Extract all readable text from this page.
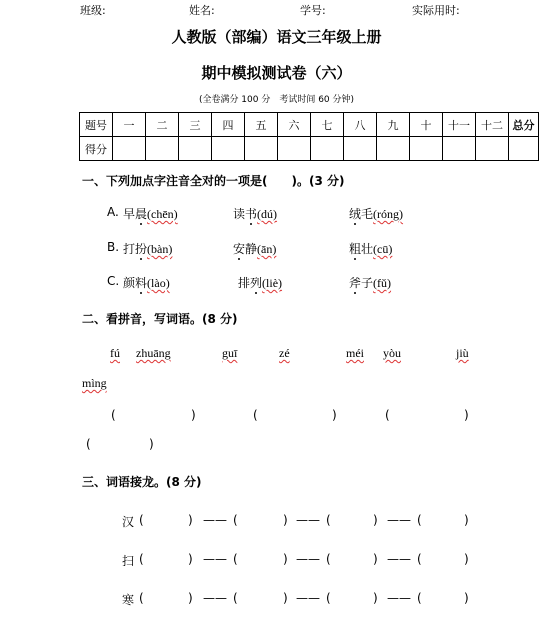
班级:	姓名:	学号:	实际用时:
人教版（部编）语文三年级上册
期中模拟测试卷（六）
(全卷满分 100 分　考试时间 60 分钟)
题号	一	二	三	四	五	六	七	八	九	十	十一	十二	总分
得分													
一、下列加点字注音全对的一项是(　　)。(3 分)
A. 早晨(chēn)	读书(dú)	绒毛(róng)
B. 打扮(bàn)	安静(ān)	粗壮(cū)
C. 颜料(lào)	排列(liè)	斧子(fǔ)
二、看拼音，写词语。(8 分)
fú zhuāng	guī	zé	méi yòu	jiù
mìng
(	)	(	)	(	)
(	)
三、词语接龙。(8 分)
汉 (	) —— (	) —— (	) —— (	)
扫 (	) —— (	) —— (	) —— (	)
寒 (	) —— (	) —— (	) —— (	)
